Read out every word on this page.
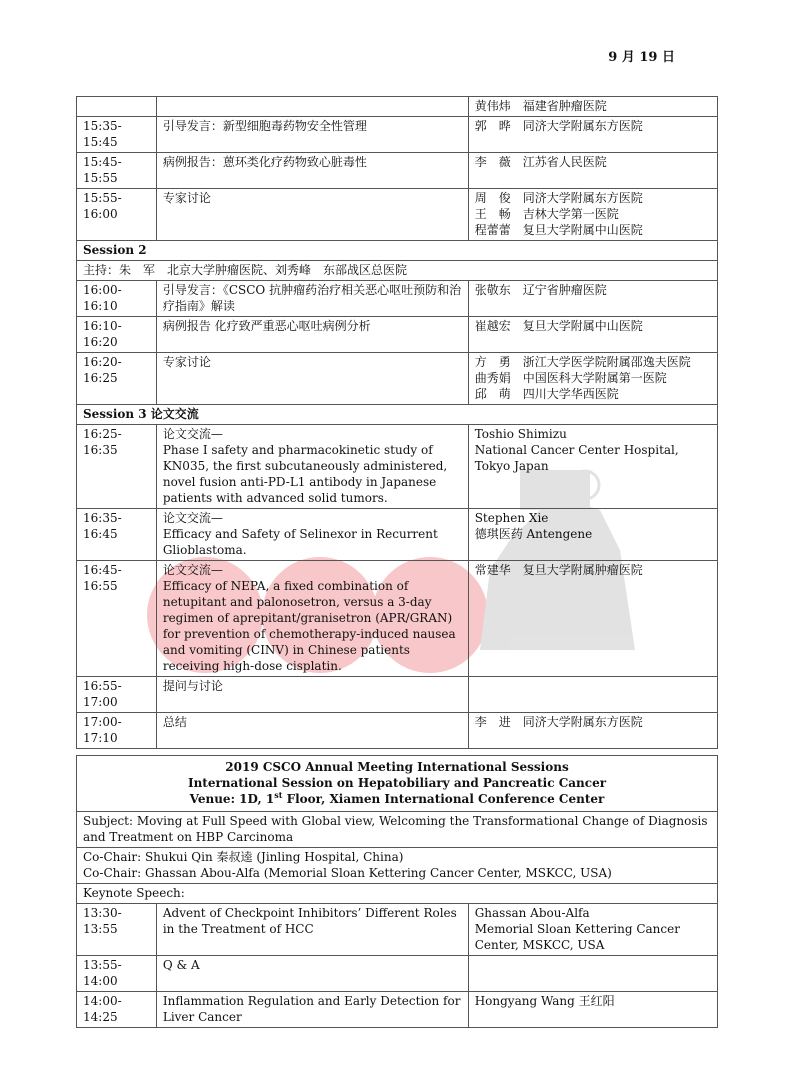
9 月 19 日

		黄伟炜　福建省肿瘤医院

15:35-15:45	引导发言：新型细胞毒药物安全性管理	郭　晔　同济大学附属东方医院

15:45-15:55	病例报告：蒽环类化疗药物致心脏毒性	李　薇　江苏省人民医院

15:55-16:00	专家讨论	周　俊　同济大学附属东方医院
王　畅　吉林大学第一医院
程蕾蕾　复旦大学附属中山医院

Session 2		
主持：朱　军　北京大学肿瘤医院、刘秀峰　东部战区总医院		
16:00-16:10	引导发言：《CSCO 抗肿瘤药治疗相关恶心呕吐预防和治疗指南》解读	张敬东　辽宁省肿瘤医院

16:10-16:20	病例报告 化疗致严重恶心呕吐病例分析	崔越宏　复旦大学附属中山医院

16:20-16:25	专家讨论	方　勇　浙江大学医学院附属邵逸夫医院
曲秀娟　中国医科大学附属第一医院
邱　萌　四川大学华西医院

Session 3 论文交流		
16:25-16:35	论文交流—
Phase I safety and pharmacokinetic study of KN035, the first subcutaneously administered, novel fusion anti-PD-L1 antibody in Japanese patients with advanced solid tumors.	Toshio Shimizu
National Cancer Center Hospital, Tokyo Japan

16:35-16:45	论文交流—
Efficacy and Safety of Selinexor in Recurrent Glioblastoma.	Stephen Xie
德琪医药 Antengene

16:45-16:55	论文交流—
Efficacy of NEPA, a fixed combination of netupitant and palonosetron, versus a 3-day regimen of aprepitant/granisetron (APR/GRAN) for prevention of chemotherapy-induced nausea and vomiting (CINV) in Chinese patients receiving high-dose cisplatin.	常建华　复旦大学附属肿瘤医院

16:55-17:00	提问与讨论	

17:00-17:10	总结	李　进　同济大学附属东方医院
2019 CSCO Annual Meeting International Sessions
International Session on Hepatobiliary and Pancreatic Cancer
Venue: 1D, 1st Floor, Xiamen International Conference Center		

Subject: Moving at Full Speed with Global view, Welcoming the Transformational Change of Diagnosis and Treatment on HBP Carcinoma		

Co-Chair: Shukui Qin 秦叔逵 (Jinling Hospital, China)
Co-Chair: Ghassan Abou-Alfa (Memorial Sloan Kettering Cancer Center, MSKCC, USA)		

Keynote Speech:		
13:30-13:55	Advent of Checkpoint Inhibitors’ Different Roles in the Treatment of HCC	Ghassan Abou-Alfa
Memorial Sloan Kettering Cancer Center, MSKCC, USA

13:55-14:00	Q & A	

14:00-14:25	Inflammation Regulation and Early Detection for Liver Cancer	Hongyang Wang 王红阳
